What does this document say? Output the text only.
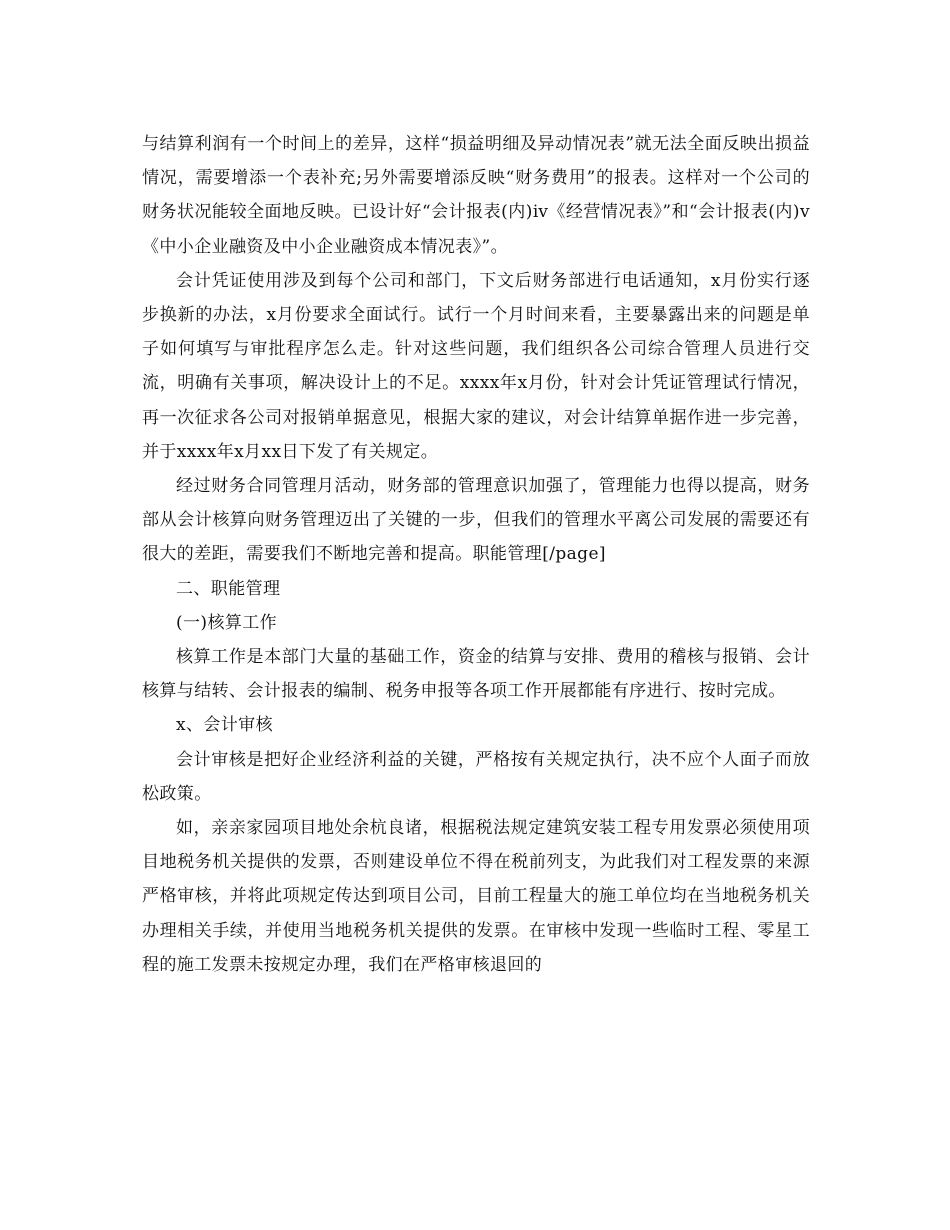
与结算利润有一个时间上的差异，这样“损益明细及异动情况表”就无法全面反映出损益情况，需要增添一个表补充;另外需要增添反映“财务费用”的报表。这样对一个公司的财务状况能较全面地反映。已设计好“会计报表(内)ⅳ《经营情况表》”和“会计报表(内)ⅴ《中小企业融资及中小企业融资成本情况表》”。

会计凭证使用涉及到每个公司和部门，下文后财务部进行电话通知，x月份实行逐步换新的办法，x月份要求全面试行。试行一个月时间来看，主要暴露出来的问题是单子如何填写与审批程序怎么走。针对这些问题，我们组织各公司综合管理人员进行交流，明确有关事项，解决设计上的不足。xxxx年x月份，针对会计凭证管理试行情况，再一次征求各公司对报销单据意见，根据大家的建议，对会计结算单据作进一步完善，并于xxxx年x月xx日下发了有关规定。

经过财务合同管理月活动，财务部的管理意识加强了，管理能力也得以提高，财务部从会计核算向财务管理迈出了关键的一步，但我们的管理水平离公司发展的需要还有很大的差距，需要我们不断地完善和提高。职能管理[/page]

二、职能管理

(一)核算工作

核算工作是本部门大量的基础工作，资金的结算与安排、费用的稽核与报销、会计核算与结转、会计报表的编制、税务申报等各项工作开展都能有序进行、按时完成。

x、会计审核

会计审核是把好企业经济利益的关键，严格按有关规定执行，决不应个人面子而放松政策。

如，亲亲家园项目地处余杭良诸，根据税法规定建筑安装工程专用发票必须使用项目地税务机关提供的发票，否则建设单位不得在税前列支，为此我们对工程发票的来源严格审核，并将此项规定传达到项目公司，目前工程量大的施工单位均在当地税务机关办理相关手续，并使用当地税务机关提供的发票。在审核中发现一些临时工程、零星工程的施工发票未按规定办理，我们在严格审核退回的
